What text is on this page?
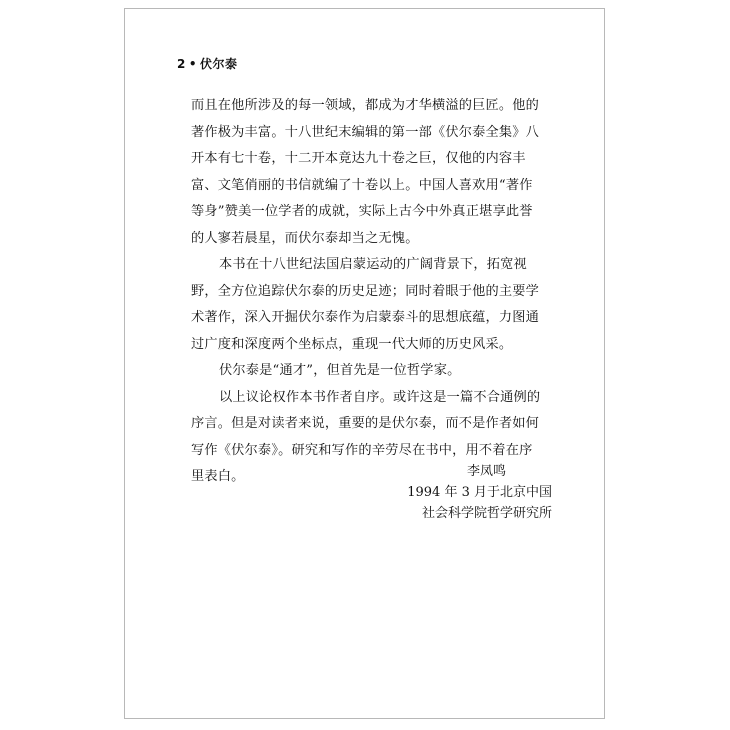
2 • 伏尔泰
而且在他所涉及的每一领域，都成为才华横溢的巨匠。他的
著作极为丰富。十八世纪末编辑的第一部《伏尔泰全集》八
开本有七十卷，十二开本竟达九十卷之巨，仅他的内容丰
富、文笔俏丽的书信就编了十卷以上。中国人喜欢用“著作
等身”赞美一位学者的成就，实际上古今中外真正堪享此誉
的人寥若晨星，而伏尔泰却当之无愧。
本书在十八世纪法国启蒙运动的广阔背景下，拓宽视
野，全方位追踪伏尔泰的历史足迹；同时着眼于他的主要学
术著作，深入开掘伏尔泰作为启蒙泰斗的思想底蕴，力图通
过广度和深度两个坐标点，重现一代大师的历史风采。
伏尔泰是“通才”，但首先是一位哲学家。
以上议论权作本书作者自序。或许这是一篇不合通例的
序言。但是对读者来说，重要的是伏尔泰，而不是作者如何
写作《伏尔泰》。研究和写作的辛劳尽在书中，用不着在序
里表白。	李凤鸣
1994 年 3 月于北京中国
社会科学院哲学研究所
